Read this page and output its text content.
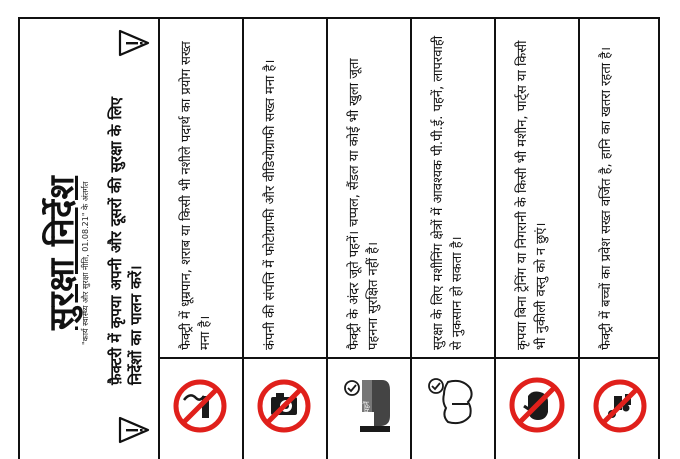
सुरक्षा निर्देश "कार्य स्वास्थ्य और सुरक्षा नीति, 01.08.21" के अंतर्गत फ़ैक्टरी में कृपया अपनी और दूसरों की सुरक्षा के लिए निर्देशों का पालन करें।	फैक्ट्री में धूम्रपान, शराब या किसी भी नशीले पदार्थ का प्रयोग सख्त मना है।	कंपनी की संपत्ति में फोटोग्राफी और वीडियोग्राफी सख्त मना है।	फैक्ट्री के अंदर जूते पहनें। चप्पल, सैंडल या कोई भी खुला जूता पहनना सुरक्षित नहीं है।	सुरक्षा के लिए मशीनिंग क्षेत्रों में आवश्यक पी.पी.ई. पहनें, लापरवाही से नुकसान हो सकता है।	कृपया बिना ट्रेनिंग या निगरानी के किसी भी मशीन, पार्ट्स या किसी भी नुकीली वस्तु को न छुएं।	फैक्ट्री में बच्चों का प्रवेश सख्त वर्जित है, हानि का खतरा रहता है।
जूता पहनें
